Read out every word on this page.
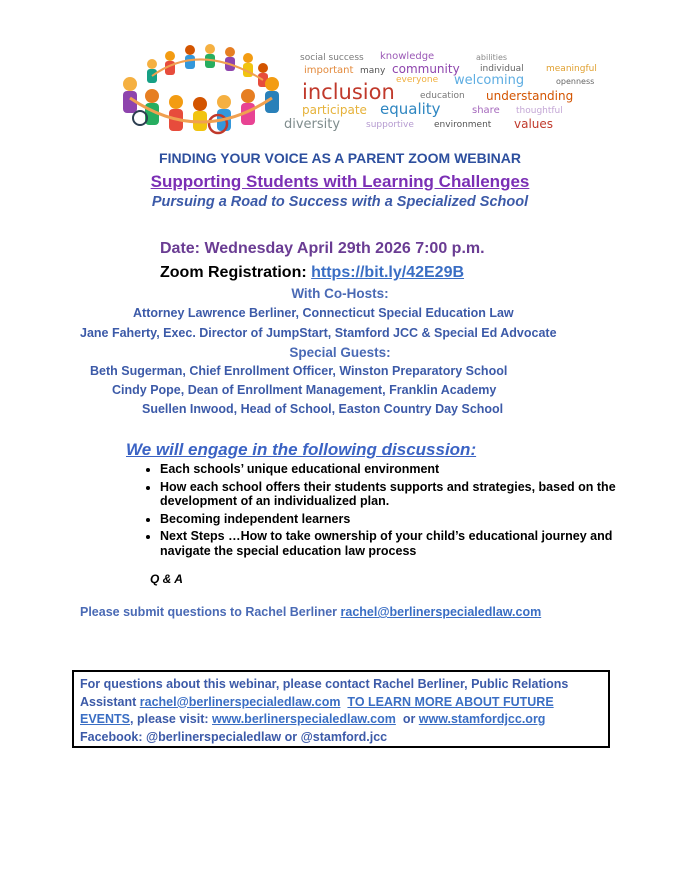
social success knowledge	abilities
important many community individual meaningful
everyone welcoming	openness
inclusion	education understanding
participate equality	share thoughtful
diversity	supportive environment values
FINDING YOUR VOICE AS A PARENT ZOOM WEBINAR
Supporting Students with Learning Challenges
Pursuing a Road to Success with a Specialized School
Date: Wednesday April 29th 2026 7:00 p.m.
Zoom Registration: https://bit.ly/42E29B
With Co-Hosts:
Attorney Lawrence Berliner, Connecticut Special Education Law
Jane Faherty, Exec. Director of JumpStart, Stamford JCC & Special Ed Advocate
Special Guests:
Beth Sugerman, Chief Enrollment Officer, Winston Preparatory School
Cindy Pope, Dean of Enrollment Management, Franklin Academy
Suellen Inwood, Head of School, Easton Country Day School
We will engage in the following discussion:
• Each schools’ unique educational environment
• How each school offers their students supports and strategies, based on the development of an individualized plan.
• Becoming independent learners
• Next Steps …How to take ownership of your child’s educational journey and navigate the special education law process
Q & A
Please submit questions to Rachel Berliner rachel@berlinerspecialedlaw.com
For questions about this webinar, please contact Rachel Berliner, Public Relations Assistant rachel@berlinerspecialedlaw.com TO LEARN MORE ABOUT FUTURE EVENTS, please visit: www.berlinerspecialedlaw.com  or www.stamfordjcc.org Facebook: @berlinerspecialedlaw or @stamford.jcc
